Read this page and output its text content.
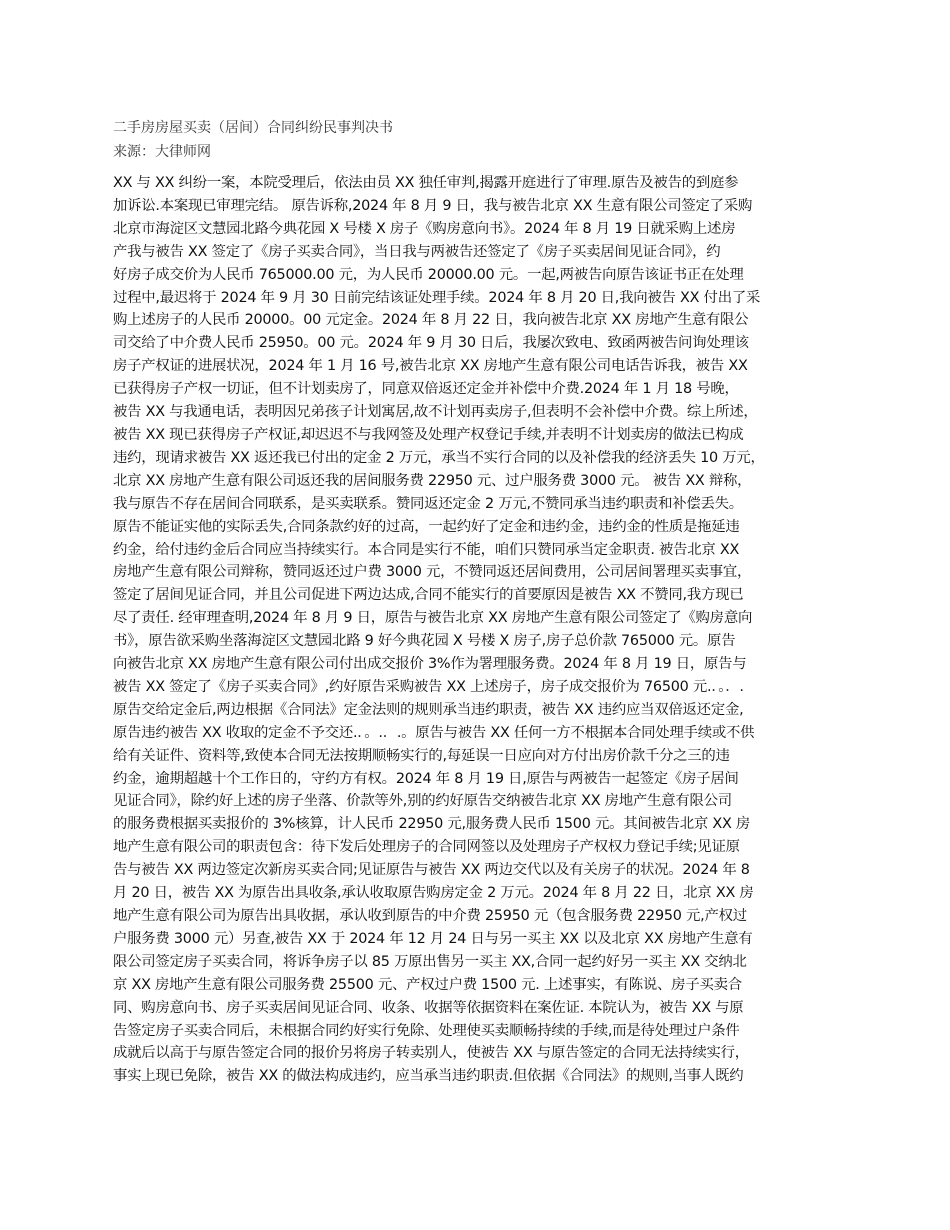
二手房房屋买卖（居间）合同纠纷民事判决书

来源：大律师网

XX 与 XX 纠纷一案，本院受理后，依法由员 XX 独任审判,揭露开庭进行了审理.原告及被告的到庭参
加诉讼.本案现已审理完结。 原告诉称,2024 年 8 月 9 日，我与被告北京 XX 生意有限公司签定了采购
北京市海淀区文慧园北路今典花园 X 号楼 X 房子《购房意向书》。2024 年 8 月 19 日就采购上述房
产我与被告 XX 签定了《房子买卖合同》，当日我与两被告还签定了《房子买卖居间见证合同》，约
好房子成交价为人民币 765000.00 元，为人民币 20000.00 元。一起,两被告向原告该证书正在处理
过程中,最迟将于 2024 年 9 月 30 日前完结该证处理手续。2024 年 8 月 20 日,我向被告 XX 付出了采
购上述房子的人民币 20000。00 元定金。2024 年 8 月 22 日，我向被告北京 XX 房地产生意有限公
司交给了中介费人民币 25950。00 元。2024 年 9 月 30 日后，我屡次致电、致函两被告问询处理该
房子产权证的进展状况，2024 年 1 月 16 号,被告北京 XX 房地产生意有限公司电话告诉我，被告 XX
已获得房子产权一切证，但不计划卖房了，同意双倍返还定金并补偿中介费.2024 年 1 月 18 号晚，
被告 XX 与我通电话，表明因兄弟孩子计划寓居,故不计划再卖房子,但表明不会补偿中介费。综上所述，
被告 XX 现已获得房子产权证,却迟迟不与我网签及处理产权登记手续,并表明不计划卖房的做法已构成
违约，现请求被告 XX 返还我已付出的定金 2 万元，承当不实行合同的以及补偿我的经济丢失 10 万元，
北京 XX 房地产生意有限公司返还我的居间服务费 22950 元、过户服务费 3000 元。 被告 XX 辩称，
我与原告不存在居间合同联系，是买卖联系。赞同返还定金 2 万元,不赞同承当违约职责和补偿丢失。
原告不能证实他的实际丢失,合同条款约好的过高，一起约好了定金和违约金，违约金的性质是拖延违
约金，给付违约金后合同应当持续实行。本合同是实行不能，咱们只赞同承当定金职责. 被告北京 XX
房地产生意有限公司辩称，赞同返还过户费 3000 元，不赞同返还居间费用，公司居间署理买卖事宜，
签定了居间见证合同，并且公司促进下两边达成,合同不能实行的首要原因是被告 XX 不赞同,我方现已
尽了责任. 经审理查明,2024 年 8 月 9 日，原告与被告北京 XX 房地产生意有限公司签定了《购房意向
书》，原告欲采购坐落海淀区文慧园北路 9 好今典花园 X 号楼 X 房子,房子总价款 765000 元。原告
向被告北京 XX 房地产生意有限公司付出成交报价 3%作为署理服务费。2024 年 8 月 19 日，原告与
被告 XX 签定了《房子买卖合同》,约好原告采购被告 XX 上述房子，房子成交报价为 76500 元.．。．.
原告交给定金后,两边根据《合同法》定金法则的规则承当违约职责，被告 XX 违约应当双倍返还定金,
原告违约被告 XX 收取的定金不予交还.．。.．.。原告与被告 XX 任何一方不根据本合同处理手续或不供
给有关证件、资料等,致使本合同无法按期顺畅实行的,每延误一日应向对方付出房价款千分之三的违
约金，逾期超越十个工作日的，守约方有权。2024 年 8 月 19 日,原告与两被告一起签定《房子居间
见证合同》，除约好上述的房子坐落、价款等外,别的约好原告交纳被告北京 XX 房地产生意有限公司
的服务费根据买卖报价的 3%核算，计人民币 22950 元,服务费人民币 1500 元。其间被告北京 XX 房
地产生意有限公司的职责包含：待下发后处理房子的合同网签以及处理房子产权权力登记手续;见证原
告与被告 XX 两边签定次新房买卖合同;见证原告与被告 XX 两边交代以及有关房子的状况。2024 年 8
月 20 日，被告 XX 为原告出具收条,承认收取原告购房定金 2 万元。2024 年 8 月 22 日，北京 XX 房
地产生意有限公司为原告出具收据，承认收到原告的中介费 25950 元（包含服务费 22950 元,产权过
户服务费 3000 元）另查,被告 XX 于 2024 年 12 月 24 日与另一买主 XX 以及北京 XX 房地产生意有
限公司签定房子买卖合同，将诉争房子以 85 万原出售另一买主 XX,合同一起约好另一买主 XX 交纳北
京 XX 房地产生意有限公司服务费 25500 元、产权过户费 1500 元. 上述事实，有陈说、房子买卖合
同、购房意向书、房子买卖居间见证合同、收条、收据等依据资料在案佐证. 本院认为，被告 XX 与原
告签定房子买卖合同后，未根据合同约好实行免除、处理使买卖顺畅持续的手续,而是待处理过户条件
成就后以高于与原告签定合同的报价另将房子转卖别人，使被告 XX 与原告签定的合同无法持续实行，
事实上现已免除，被告 XX 的做法构成违约，应当承当违约职责.但依据《合同法》的规则,当事人既约
